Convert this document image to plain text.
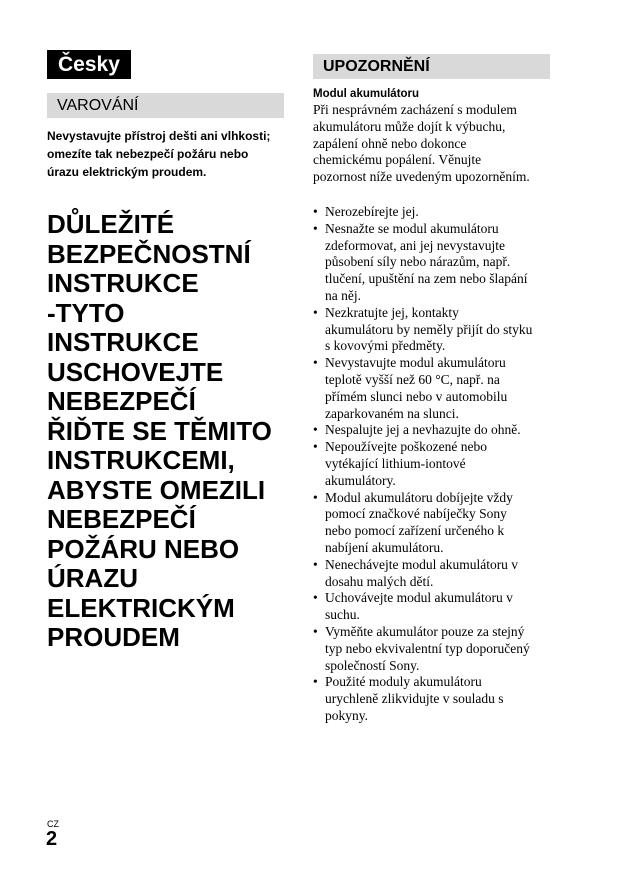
Česky
VAROVÁNÍ
Nevystavujte přístroj dešti ani vlhkosti; omezíte tak nebezpečí požáru nebo úrazu elektrickým proudem.
DŮLEŽITÉ
BEZPEČNOSTNÍ
INSTRUKCE
-TYTO
INSTRUKCE
USCHOVEJTE
NEBEZPEČÍ
ŘIĎTE SE TĚMITO
INSTRUKCEMI,
ABYSTE OMEZILI
NEBEZPEČÍ
POŽÁRU NEBO
ÚRAZU
ELEKTRICKÝM
PROUDEM
UPOZORNĚNÍ
Modul akumulátoru
Při nesprávném zacházení s modulem
akumulátoru může dojít k výbuchu,
zapálení ohně nebo dokonce
chemickému popálení. Věnujte
pozornost níže uvedeným upozorněním.
• Nerozebírejte jej.
• Nesnažte se modul akumulátoru
zdeformovat, ani jej nevystavujte
působení síly nebo nárazům, např.
tlučení, upuštění na zem nebo šlapání
na něj.
• Nezkratujte jej, kontakty
akumulátoru by neměly přijít do styku
s kovovými předměty.
• Nevystavujte modul akumulátoru
teplotě vyšší než 60 °C, např. na
přímém slunci nebo v automobilu
zaparkovaném na slunci.
• Nespalujte jej a nevhazujte do ohně.
• Nepoužívejte poškozené nebo
vytékající lithium-iontové
akumulátory.
• Modul akumulátoru dobíjejte vždy
pomocí značkové nabíječky Sony
nebo pomocí zařízení určeného k
nabíjení akumulátoru.
• Nenechávejte modul akumulátoru v
dosahu malých dětí.
• Uchovávejte modul akumulátoru v
suchu.
• Vyměňte akumulátor pouze za stejný
typ nebo ekvivalentní typ doporučený
společností Sony.
• Použité moduly akumulátoru
urychleně zlikvidujte v souladu s
pokyny.
CZ
2
